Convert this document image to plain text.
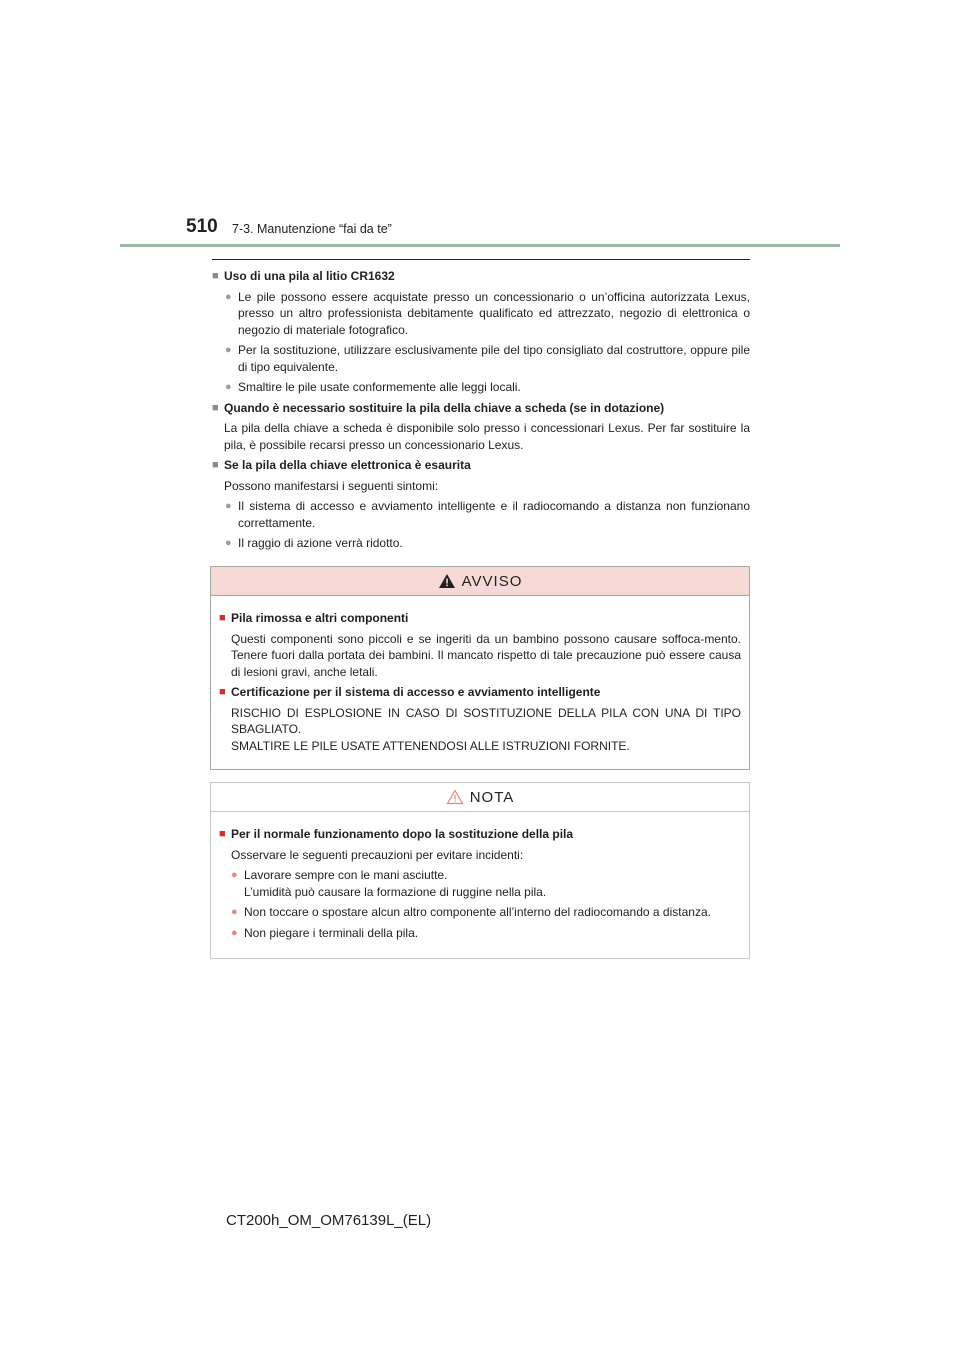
510 7-3. Manutenzione “fai da te”
■ Uso di una pila al litio CR1632
● Le pile possono essere acquistate presso un concessionario o un’officina autorizzata Lexus, presso un altro professionista debitamente qualificato ed attrezzato, negozio di elettronica o negozio di materiale fotografico.
● Per la sostituzione, utilizzare esclusivamente pile del tipo consigliato dal costruttore, oppure pile di tipo equivalente.
● Smaltire le pile usate conformemente alle leggi locali.
■ Quando è necessario sostituire la pila della chiave a scheda (se in dotazione)
La pila della chiave a scheda è disponibile solo presso i concessionari Lexus. Per far sostituire la pila, è possibile recarsi presso un concessionario Lexus.
■ Se la pila della chiave elettronica è esaurita
Possono manifestarsi i seguenti sintomi:
● Il sistema di accesso e avviamento intelligente e il radiocomando a distanza non funzionano correttamente.
● Il raggio di azione verrà ridotto.
AVVISO
■ Pila rimossa e altri componenti
Questi componenti sono piccoli e se ingeriti da un bambino possono causare soffoca-mento. Tenere fuori dalla portata dei bambini. Il mancato rispetto di tale precauzione può essere causa di lesioni gravi, anche letali.
■ Certificazione per il sistema di accesso e avviamento intelligente
RISCHIO DI ESPLOSIONE IN CASO DI SOSTITUZIONE DELLA PILA CON UNA DI TIPO SBAGLIATO.
SMALTIRE LE PILE USATE ATTENENDOSI ALLE ISTRUZIONI FORNITE.
NOTA
■ Per il normale funzionamento dopo la sostituzione della pila
Osservare le seguenti precauzioni per evitare incidenti:
● Lavorare sempre con le mani asciutte.
L’umidità può causare la formazione di ruggine nella pila.
● Non toccare o spostare alcun altro componente all’interno del radiocomando a distanza.
● Non piegare i terminali della pila.
CT200h_OM_OM76139L_(EL)
